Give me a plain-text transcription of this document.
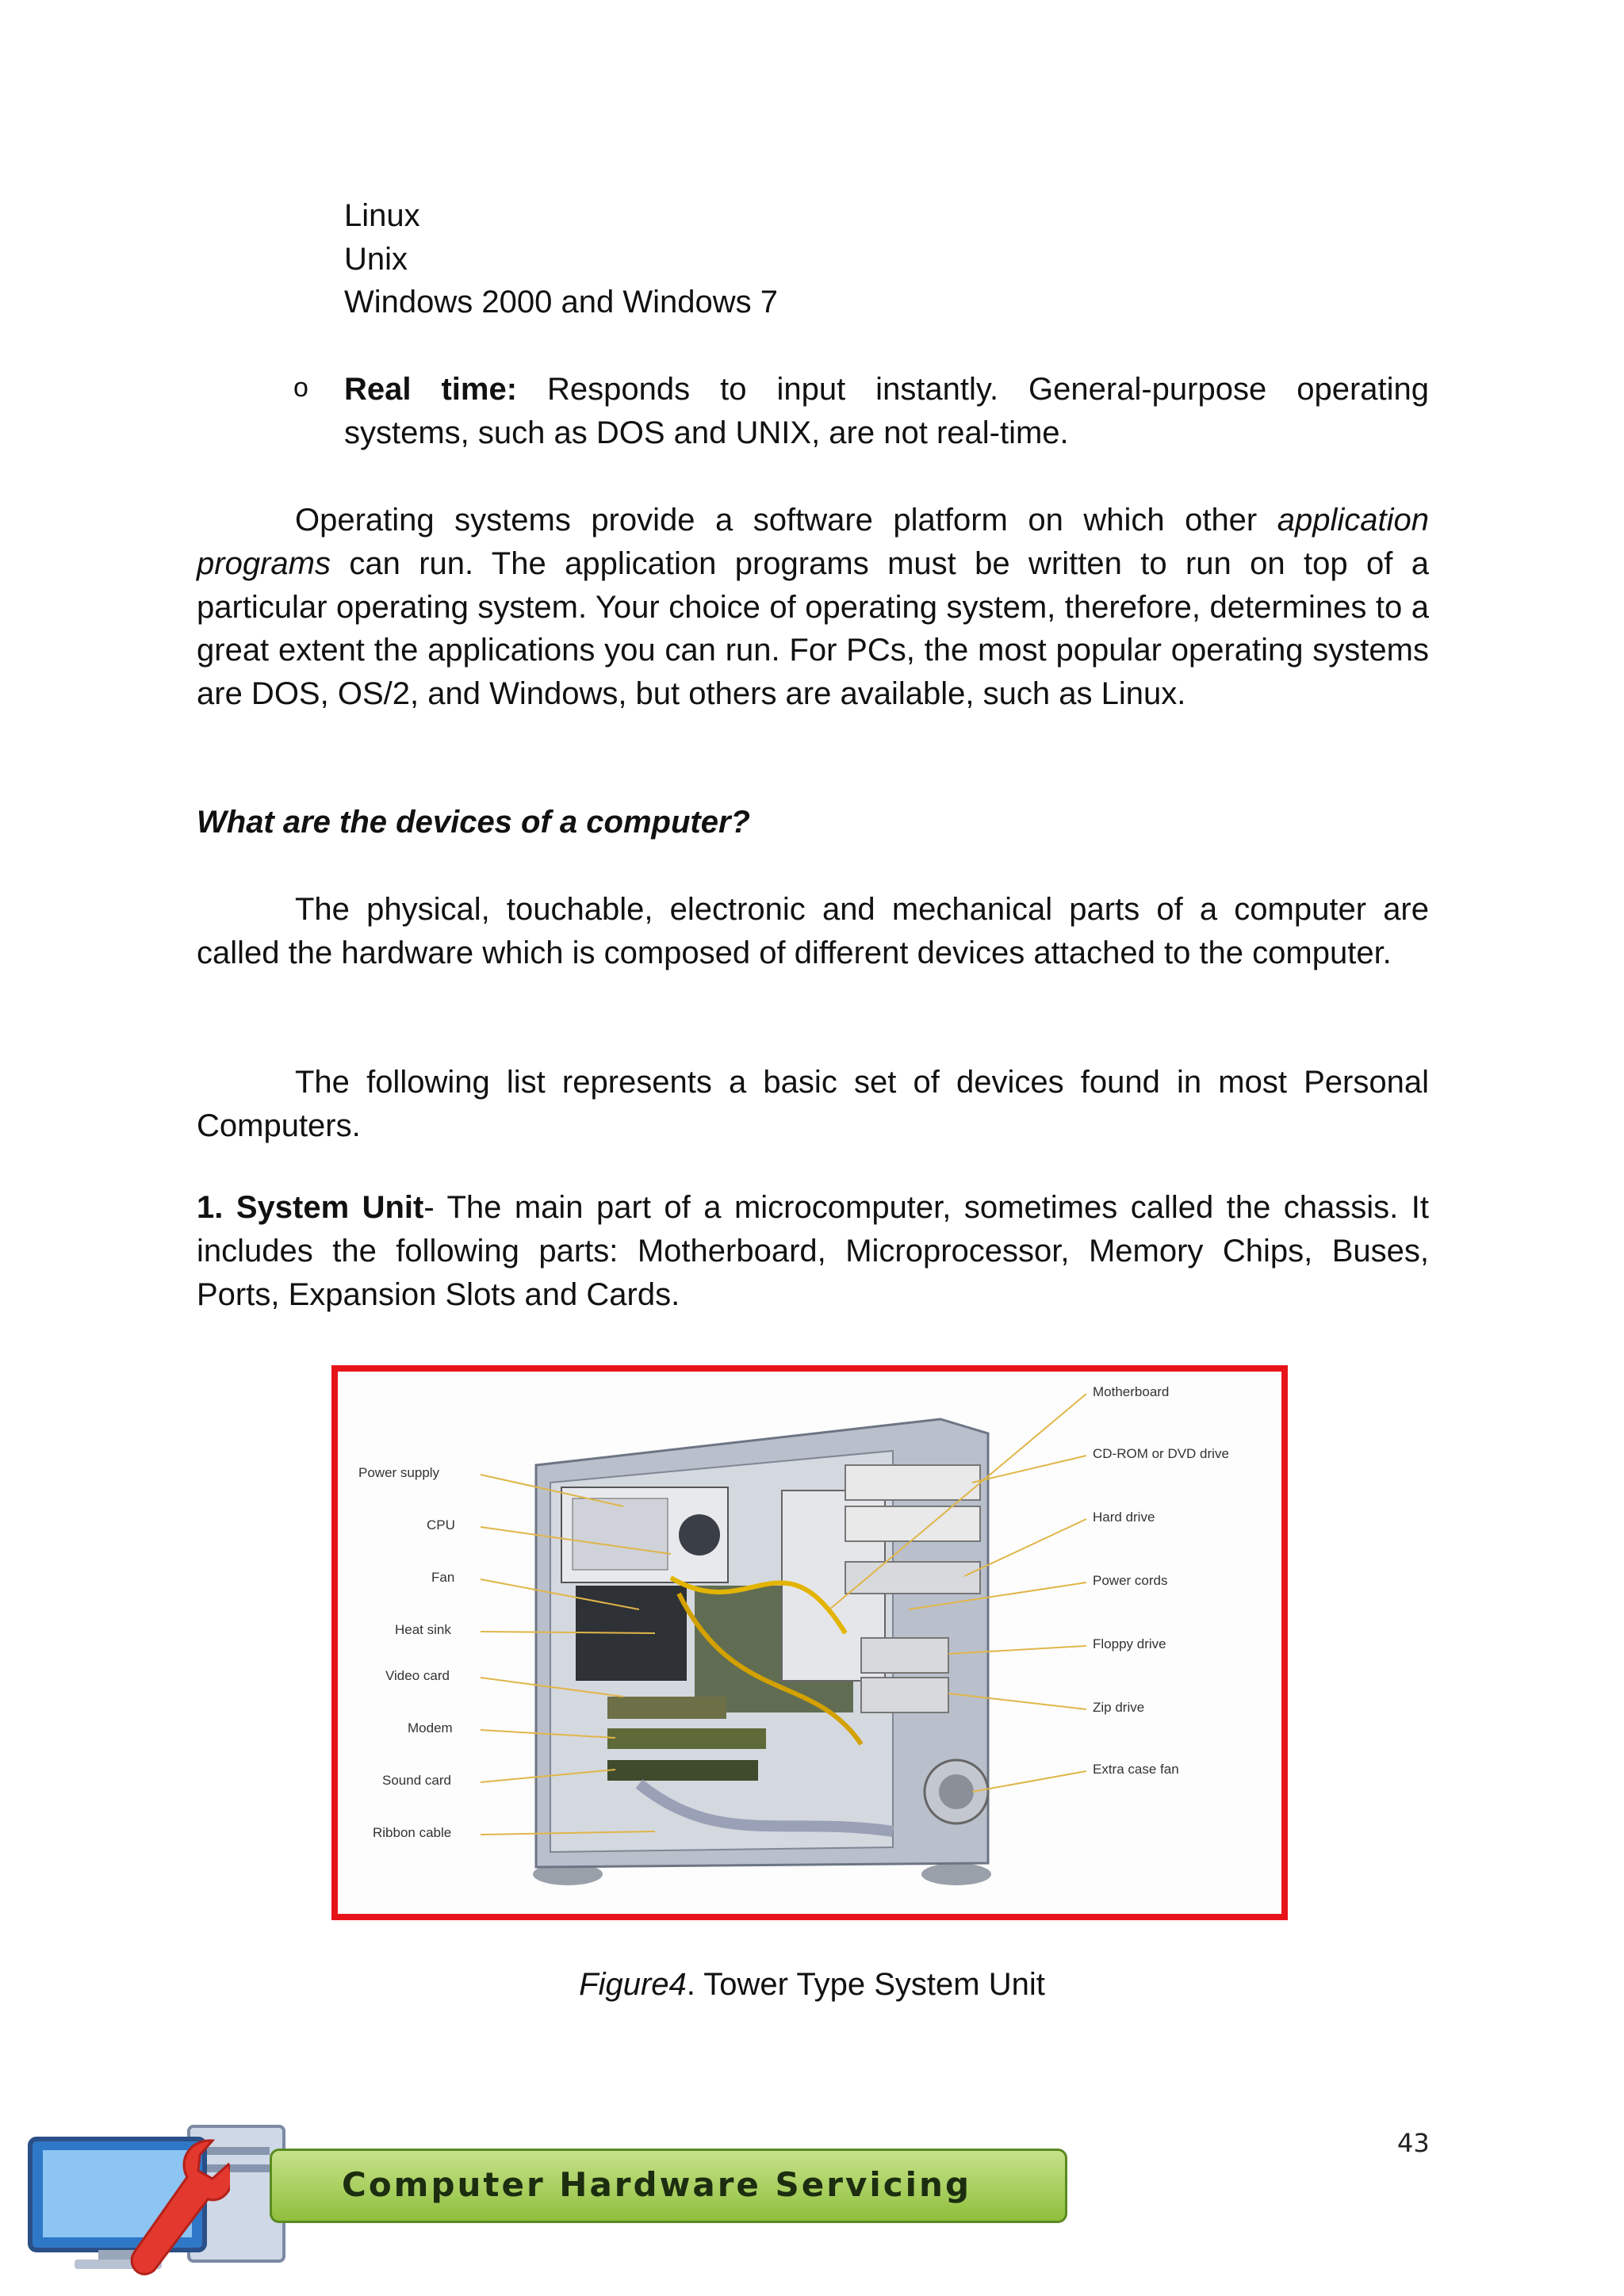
Linux
Unix
Windows 2000 and Windows 7
o Real time: Responds to input instantly. General-purpose operating
systems, such as DOS and UNIX, are not real-time.
Operating systems provide a software platform on which other application programs can run. The application programs must be written to run on top of a particular operating system. Your choice of operating system, therefore, determines to a great extent the applications you can run. For PCs, the most popular operating systems are DOS, OS/2, and Windows, but others are available, such as Linux.
What are the devices of a computer?
The physical, touchable, electronic and mechanical parts of a computer are called the hardware which is composed of different devices attached to the computer.
The following list represents a basic set of devices found in most Personal Computers.
1. System Unit- The main part of a microcomputer, sometimes called the chassis. It includes the following parts: Motherboard, Microprocessor, Memory Chips, Buses, Ports, Expansion Slots and Cards.
Power supply
CPU
Fan
Heat sink
Video card
Modem
Sound card
Ribbon cable
Motherboard
CD-ROM or DVD drive
Hard drive
Power cords
Floppy drive
Zip drive
Extra case fan
Figure4. Tower Type System Unit
43
Computer Hardware Servicing
